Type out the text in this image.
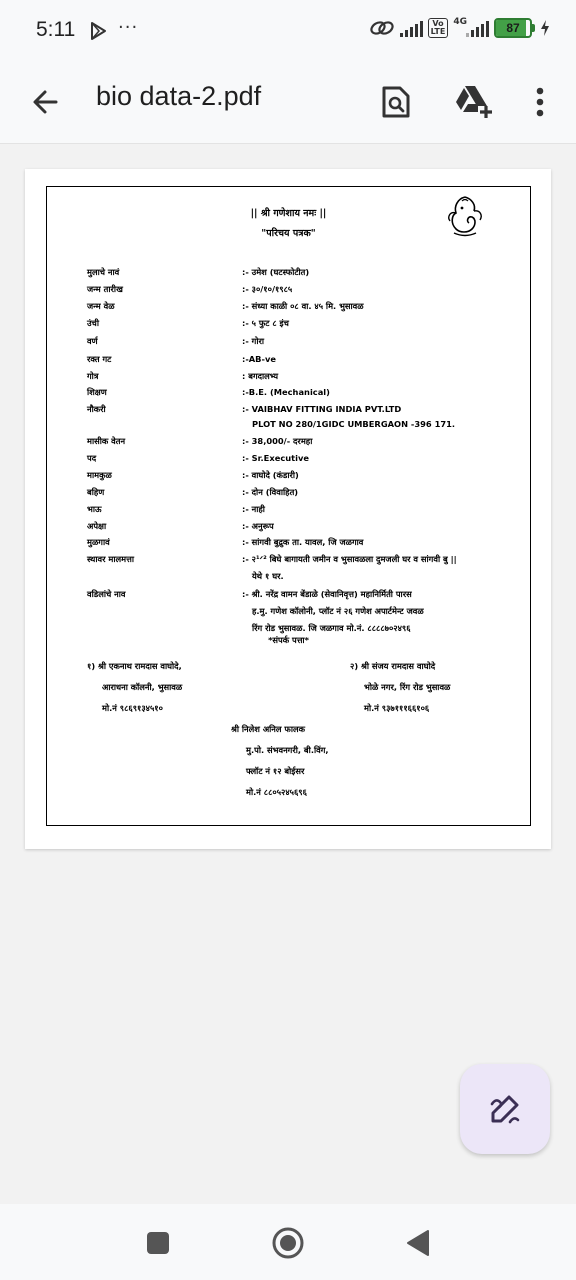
5:11 ···	Vo
LTE
4G	87
bio data-2.pdf
|| श्री गणेशाय नमः ||
"परिचय पत्रक"
मुलाचे नावं	:- उमेश (घटस्फोटीत)
जन्म तारीख	:- ३०/१०/१९८५
जन्म वेळ	:- संध्या काळी ०८ वा. ४५ मि. भुसावळ
उंची	:- ५ फुट ८ इंच
वर्ण	:- गोरा
रक्त गट	:-AB-ve
गोत्र	: बगदालभ्य
शिक्षण	:-B.E. (Mechanical)
नौकरी	:- VAIBHAV FITTING INDIA PVT.LTD
PLOT NO 280/1GIDC UMBERGAON -396 171.
मासीक वेतन	:- 38,000/- दरमहा
पद	:- Sr.Executive
मामकुळ	:- वाघोदे (कंडारी)
बहिण	:- दोन (विवाहित)
भाऊ	:- नाही
अपेक्षा	:- अनुरूप
मुळगावं	:- सांगवी बुद्रुक ता. यावल, जि जळगाव
स्थावर मालमत्ता	:- २¹ᐟ² बिघे बागायती जमीन व भुसावळला दुमजली घर व सांगवी बु ||
येथे १ घर.
वडिलांचे नाव	:- श्री. नरेंद्र वामन बेंडाळे (सेवानिवृत्त) महानिर्मिती पारस
ह.मु. गणेश कॉलोनी, प्लॉट नं २६ गणेश अपार्टमेन्ट जवळ
रिंग रोड भुसावळ. जि जळगाव मो.नं. ८८८८७०२४९६
*संपर्क पत्ता*
१) श्री एकनाथ रामदास वाघोदे,
आराधना कॉलनी, भुसावळ
मो.नं ९८६९१३४५१०
२) श्री संजय रामदास वाघोदे
भोळे नगर, रिंग रोड भुसावळ
मो.नं ९३७१११६६१०६
श्री निलेश अनिल फालक
मु.पो. संभवनगरी, बी.विंग,
फ्लॉट नं १२ बोईसर
मो.नं ८८०५२४५६९६
